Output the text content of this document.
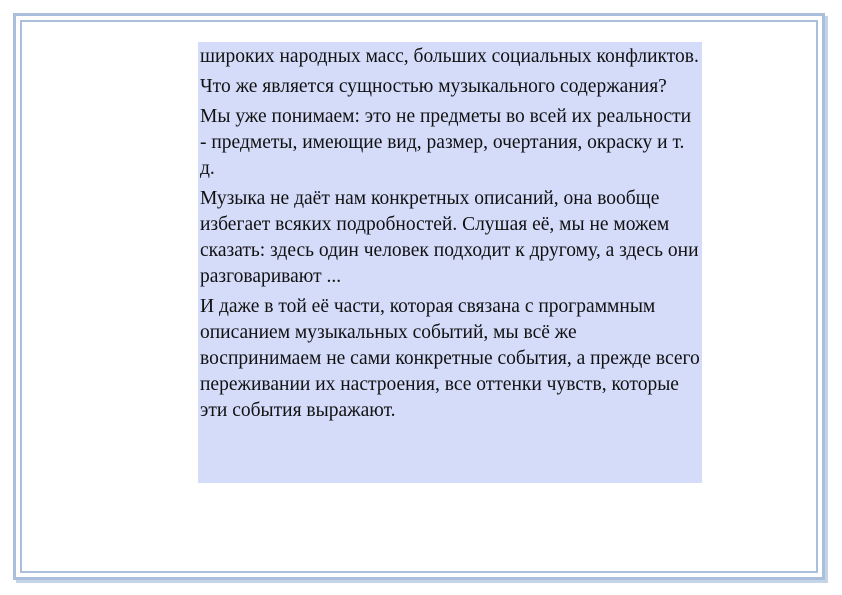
широких народных масс, больших социальных конфликтов.

Что же является сущностью музыкального содержания?

Мы уже понимаем: это не предметы во всей их реальности - предметы, имеющие вид, размер, очертания, окраску и т. д.

Музыка не даёт нам конкретных описаний, она вообще избегает всяких подробностей. Слушая её, мы не можем сказать: здесь один человек подходит к другому, а здесь они разговаривают ...

И даже в той её части, которая связана с программным описанием музыкальных событий, мы всё же воспринимаем не сами конкретные события, а прежде всего переживании их настроения, все оттенки чувств, которые эти события выражают.
